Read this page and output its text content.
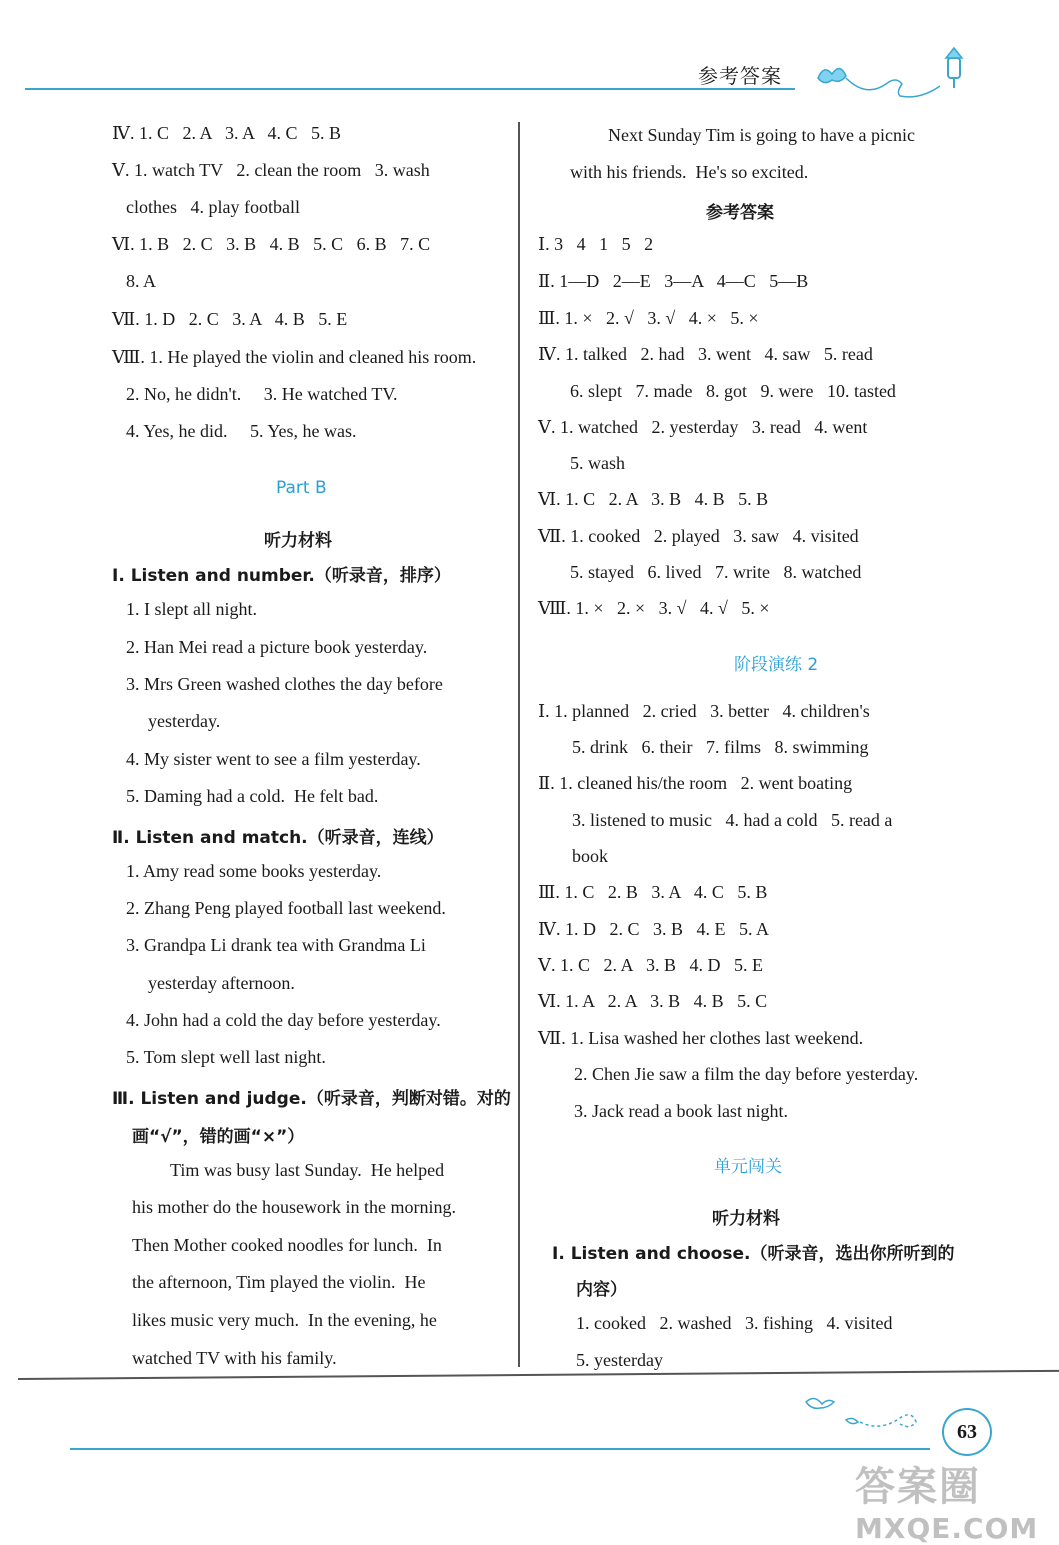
参考答案
Ⅳ. 1. C   2. A   3. A   4. C   5. B
Ⅴ. 1. watch TV   2. clean the room   3. wash
clothes   4. play football
Ⅵ. 1. B   2. C   3. B   4. B   5. C   6. B   7. C
8. A
Ⅶ. 1. D   2. C   3. A   4. B   5. E
Ⅷ. 1. He played the violin and cleaned his room.
2. No, he didn't.     3. He watched TV.
4. Yes, he did.     5. Yes, he was.
1. I slept all night.
2. Han Mei read a picture book yesterday.
3. Mrs Green washed clothes the day before
yesterday.
4. My sister went to see a film yesterday.
5. Daming had a cold.  He felt bad.
1. Amy read some books yesterday.
2. Zhang Peng played football last weekend.
3. Grandpa Li drank tea with Grandma Li
yesterday afternoon.
4. John had a cold the day before yesterday.
5. Tom slept well last night.
Tim was busy last Sunday.  He helped
his mother do the housework in the morning.
Then Mother cooked noodles for lunch.  In
the afternoon, Tim played the violin.  He
likes music very much.  In the evening, he
watched TV with his family.
Ⅰ. Listen and number.（听录音，排序）
Ⅱ. Listen and match.（听录音，连线）
Ⅲ. Listen and judge.（听录音，判断对错。对的
画“√”，错的画“×”）
Part B
听力材料
Next Sunday Tim is going to have a picnic
with his friends.  He's so excited.
Ⅰ. 3   4   1   5   2
Ⅱ. 1—D   2—E   3—A   4—C   5—B
Ⅲ. 1. ×   2. √   3. √   4. ×   5. ×
Ⅳ. 1. talked   2. had   3. went   4. saw   5. read
6. slept   7. made   8. got   9. were   10. tasted
Ⅴ. 1. watched   2. yesterday   3. read   4. went
5. wash
Ⅵ. 1. C   2. A   3. B   4. B   5. B
Ⅶ. 1. cooked   2. played   3. saw   4. visited
5. stayed   6. lived   7. write   8. watched
Ⅷ. 1. ×   2. ×   3. √   4. √   5. ×
Ⅰ. 1. planned   2. cried   3. better   4. children's
5. drink   6. their   7. films   8. swimming
Ⅱ. 1. cleaned his/the room   2. went boating
3. listened to music   4. had a cold   5. read a
book
Ⅲ. 1. C   2. B   3. A   4. C   5. B
Ⅳ. 1. D   2. C   3. B   4. E   5. A
Ⅴ. 1. C   2. A   3. B   4. D   5. E
Ⅵ. 1. A   2. A   3. B   4. B   5. C
Ⅶ. 1. Lisa washed her clothes last weekend.
2. Chen Jie saw a film the day before yesterday.
3. Jack read a book last night.
1. cooked   2. washed   3. fishing   4. visited
5. yesterday
Ⅰ. Listen and choose.（听录音，选出你所听到的
内容）
阶段演练 2
单元闯关
参考答案
听力材料
63
答案圈
MXQE.COM
